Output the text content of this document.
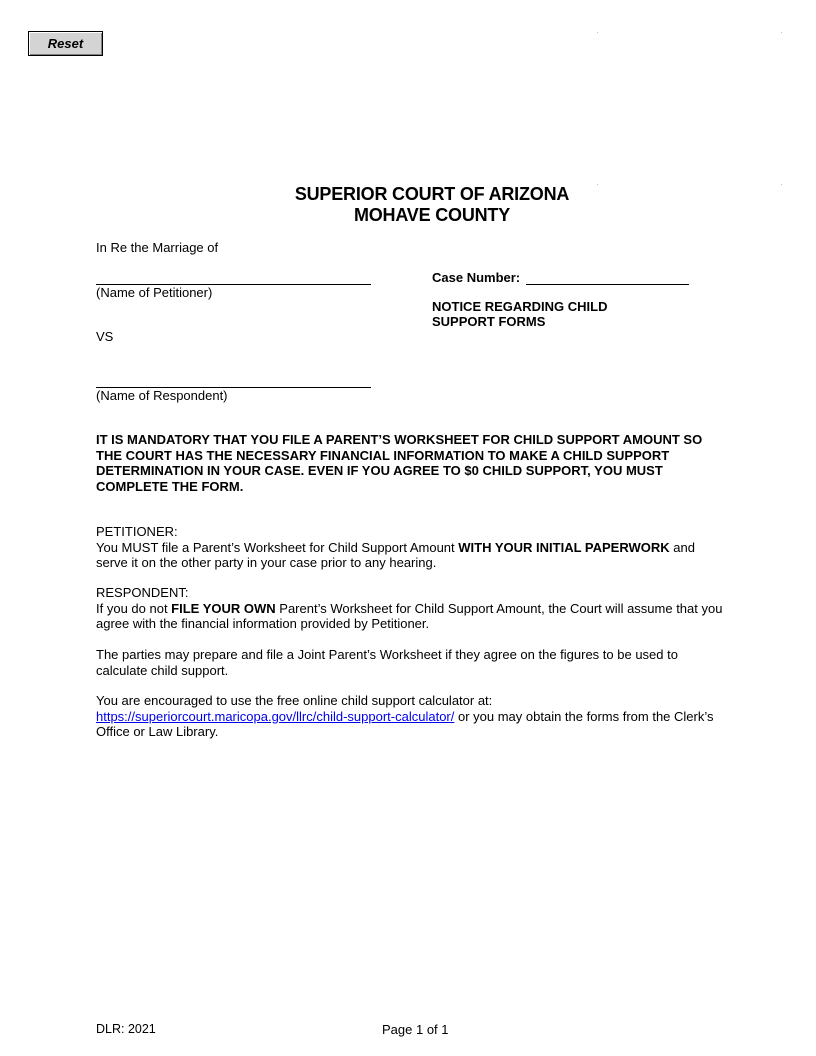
Reset
SUPERIOR COURT OF ARIZONA
MOHAVE COUNTY
In Re the Marriage of
(Name of Petitioner)
VS
(Name of Respondent)
Case Number:
NOTICE REGARDING CHILD
SUPPORT FORMS
IT IS MANDATORY THAT YOU FILE A PARENT’S WORKSHEET FOR CHILD SUPPORT AMOUNT SO THE COURT HAS THE NECESSARY FINANCIAL INFORMATION TO MAKE A CHILD SUPPORT DETERMINATION IN YOUR CASE. EVEN IF YOU AGREE TO $0 CHILD SUPPORT, YOU MUST COMPLETE THE FORM.
PETITIONER:
You MUST file a Parent’s Worksheet for Child Support Amount WITH YOUR INITIAL PAPERWORK and serve it on the other party in your case prior to any hearing.
RESPONDENT:
If you do not FILE YOUR OWN Parent’s Worksheet for Child Support Amount, the Court will assume that you agree with the financial information provided by Petitioner.
The parties may prepare and file a Joint Parent’s Worksheet if they agree on the figures to be used to calculate child support.
You are encouraged to use the free online child support calculator at:
https://superiorcourt.maricopa.gov/llrc/child-support-calculator/ or you may obtain the forms from the Clerk’s Office or Law Library.
DLR: 2021	Page 1 of 1
